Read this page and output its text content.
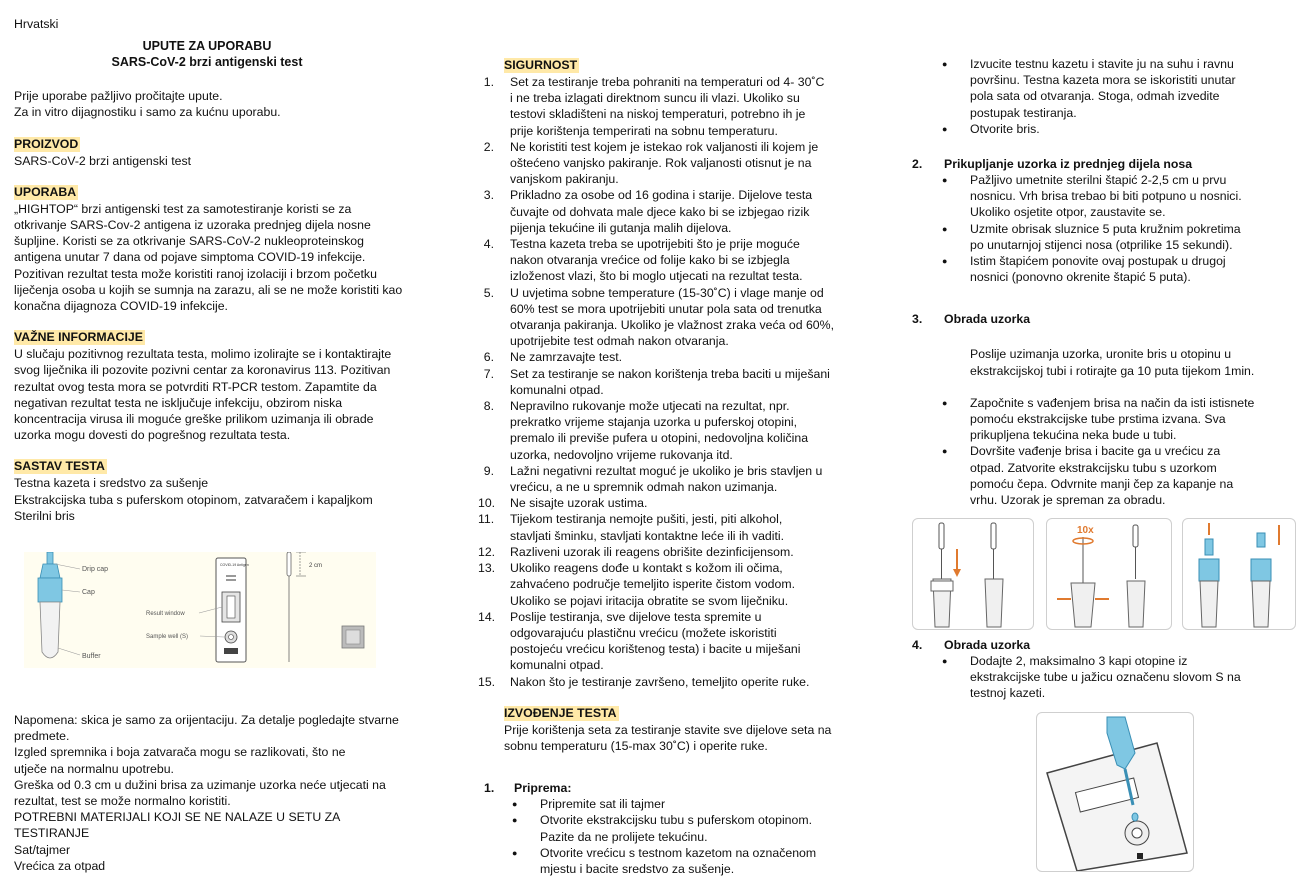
Hrvatski

UPUTE ZA UPORABU
SARS-CoV-2 brzi antigenski test

Prije uporabe pažljivo pročitajte upute.

Za in vitro dijagnostiku i samo za kućnu uporabu.

PROIZVOD

SARS-CoV-2 brzi antigenski test

UPORABA

„HIGHTOP“ brzi antigenski test za samotestiranje koristi se za

otkrivanje SARS-Cov-2 antigena iz uzoraka prednjeg dijela nosne

šupljine. Koristi se za otkrivanje SARS-CoV-2 nukleoproteinskog

antigena unutar 7 dana od pojave simptoma COVID-19 infekcije.

Pozitivan rezultat testa može koristiti ranoj izolaciji i brzom početku

liječenja osoba u kojih se sumnja na zarazu, ali se ne može koristiti kao

konačna dijagnoza COVID-19 infekcije.

VAŽNE INFORMACIJE

U slučaju pozitivnog rezultata testa, molimo izolirajte se i kontaktirajte

svog liječnika ili pozovite pozivni centar za koronavirus 113. Pozitivan

rezultat ovog testa mora se potvrditi RT-PCR testom. Zapamtite da

negativan rezultat testa ne isključuje infekciju, obzirom niska

koncentracija virusa ili moguće greške prilikom uzimanja ili obrade

uzorka mogu dovesti do pogrešnog rezultata testa.

SASTAV TESTA

Testna kazeta i sredstvo za sušenje

Ekstrakcijska tuba s puferskom otopinom, zatvaračem i kapaljkom

Sterilni bris

Drip cap
Cap
Buffer
COVID-19 Antigen
Result window
Sample well (S)
2 cm

Napomena: skica je samo za orijentaciju. Za detalje pogledajte stvarne

predmete.

Izgled spremnika i boja zatvarača mogu se razlikovati, što ne

utječe na normalnu upotrebu.

Greška od 0.3 cm u dužini brisa za uzimanje uzorka neće utjecati na

rezultat, test se može normalno koristiti.

POTREBNI MATERIJALI KOJI SE NE NALAZE U SETU ZA TESTIRANJE

Sat/tajmer

Vrećica za otpad

SIGURNOST
1. Set za testiranje treba pohraniti na temperaturi od 4- 30˚C
i ne treba izlagati direktnom suncu ili vlazi. Ukoliko su
testovi skladišteni na niskoj temperaturi, potrebno ih je
prije korištenja temperirati na sobnu temperaturu.
2. Ne koristiti test kojem je istekao rok valjanosti ili kojem je
oštećeno vanjsko pakiranje. Rok valjanosti otisnut je na
vanjskom pakiranju.
3. Prikladno za osobe od 16 godina i starije. Dijelove testa
čuvajte od dohvata male djece kako bi se izbjegao rizik
pijenja tekućine ili gutanja malih dijelova.
4. Testna kazeta treba se upotrijebiti što je prije moguće
nakon otvaranja vrećice od folije kako bi se izbjegla
izloženost vlazi, što bi moglo utjecati na rezultat testa.
5. U uvjetima sobne temperature (15-30˚C) i vlage manje od
60% test se mora upotrijebiti unutar pola sata od trenutka
otvaranja pakiranja. Ukoliko je vlažnost zraka veća od 60%,
upotrijebite test odmah nakon otvaranja.
6. Ne zamrzavajte test.
7. Set za testiranje se nakon korištenja treba baciti u miješani
komunalni otpad.
8. Nepravilno rukovanje može utjecati na rezultat, npr.
prekratko vrijeme stajanja uzorka u puferskoj otopini,
premalo ili previše pufera u otopini, nedovoljna količina
uzorka, nedovoljno vrijeme rukovanja itd.
9. Lažni negativni rezultat moguć je ukoliko je bris stavljen u
vrećicu, a ne u spremnik odmah nakon uzimanja.
10. Ne sisajte uzorak ustima.
11. Tijekom testiranja nemojte pušiti, jesti, piti alkohol,
stavljati šminku, stavljati kontaktne leće ili ih vaditi.
12. Razliveni uzorak ili reagens obrišite dezinficijensom.
13. Ukoliko reagens dođe u kontakt s kožom ili očima,
zahvaćeno područje temeljito isperite čistom vodom.
Ukoliko se pojavi iritacija obratite se svom liječniku.
14. Poslije testiranja, sve dijelove testa spremite u
odgovarajuću plastičnu vrećicu (možete iskoristiti
postojeću vrećicu korištenog testa) i bacite u miješani
komunalni otpad.
15. Nakon što je testiranje završeno, temeljito operite ruke.
IZVOĐENJE TESTA

Prije korištenja seta za testiranje stavite sve dijelove seta na

sobnu temperaturu (15-max 30˚C) i operite ruke.

1. Priprema:
● Pripremite sat ili tajmer
● Otvorite ekstrakcijsku tubu s puferskom otopinom.
Pazite da ne prolijete tekućinu.
● Otvorite vrećicu s testnom kazetom na označenom
mjestu i bacite sredstvo za sušenje.
● Izvucite testnu kazetu i stavite ju na suhu i ravnu
površinu. Testna kazeta mora se iskoristiti unutar
pola sata od otvaranja. Stoga, odmah izvedite
postupak testiranja.
● Otvorite bris.
2. Prikupljanje uzorka iz prednjeg dijela nosa
● Pažljivo umetnite sterilni štapić 2-2,5 cm u prvu
nosnicu. Vrh brisa trebao bi biti potpuno u nosnici.
Ukoliko osjetite otpor, zaustavite se.
● Uzmite obrisak sluznice 5 puta kružnim pokretima
po unutarnjoj stijenci nosa (otprilike 15 sekundi).
● Istim štapićem ponovite ovaj postupak u drugoj
nosnici (ponovno okrenite štapić 5 puta).
3. Obrada uzorka

Poslije uzimanja uzorka, uronite bris u otopinu u

ekstrakcijskoj tubi i rotirajte ga 10 puta tijekom 1min.

● Započnite s vađenjem brisa na način da isti istisnete
pomoću ekstrakcijske tube prstima izvana. Sva
prikupljena tekućina neka bude u tubi.
● Dovršite vađenje brisa i bacite ga u vrećicu za
otpad. Zatvorite ekstrakcijsku tubu s uzorkom
pomoću čepa. Odvrnite manji čep za kapanje na
vrhu. Uzorak je spreman za obradu.
10x
4. Obrada uzorka
● Dodajte 2, maksimalno 3 kapi otopine iz
ekstrakcijske tube u jažicu označenu slovom S na
testnoj kazeti.
